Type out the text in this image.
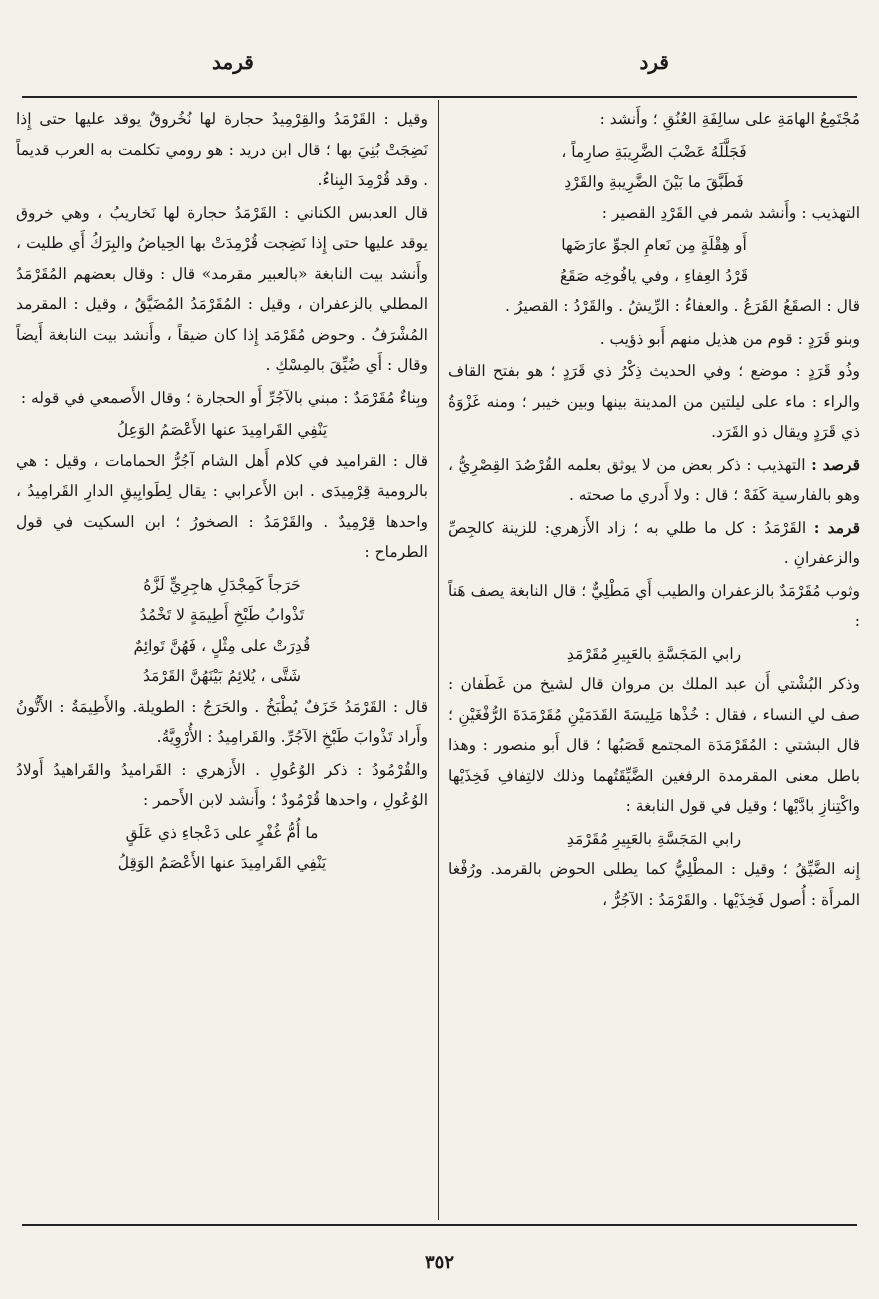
قرد
قرمد

مُجْتَمِعُ الهامَةِ على سالِفَةِ العُنُقِ ؛ وأَنشد :

فَجَلَّلَهُ عَضْبَ الضَّرِيبَةِ صارِماً ،

فَطَبَّقَ ما بَيْنَ الضَّرِيبةِ والقَرْدِ

التهذيب : وأَنشد شمر في القَرْدِ القصير :

أَو هِقْلَةٍ مِن نَعامِ الجوِّ عارَضَها

قَرْدُ العِفاءِ ، وفي يافُوخِه صَقَعُ

قال : الصقَعُ القَرَعُ . والعفاءُ : الرِّيشُ . والقَرْدُ : القصيرُ .

وبنو قَرَدٍ : قوم من هذيل منهم أَبو ذؤيب .

وذُو قَرَدٍ : موضع ؛ وفي الحديث ذِكْرُ ذي قَرَدٍ ؛ هو بفتح القاف والراء : ماء على ليلتين من المدينة بينها وبين خيبر ؛ ومنه غَزْوَةُ ذي قَرَدٍ ويقال ذو القَرَد.

قرصد : التهذيب : ذكر بعض من لا يوثق بعلمه القُرْصُدَ القِصْرِيُّ ، وهو بالفارسية كَفَهْ ؛ قال : ولا أَدري ما صحته .

قرمد : القَرْمَدُ : كل ما طلي به ؛ زاد الأَزهري: للزينة كالجِصِّ والزعفرانِ .

وثوب مُقَرْمَدٌ بالزعفران والطيب أَي مَطْلِيٌّ ؛ قال النابغة يصف هَناً :

رابي المَجَسَّةِ بالعَبِيرِ مُقَرْمَدِ

وذكر البُشْتي أَن عبد الملك بن مروان قال لشيخ من غَطَفان : صف لي النساء ، فقال : خُذْها مَلِيسَةَ القَدَمَيْنِ مُقَرْمَدَةَ الرُّفْغَيْنِ ؛ قال البشتي : المُقَرْمَدَة المجتمع قَصَبُها ؛ قال أَبو منصور : وهذا باطل معنى المقرمدة الرفغين الضَّيِّقَتُهما وذلك لالتِفافِ فَخِذَيْها واكْتِنازِ بادَّيْها ؛ وقيل في قول النابغة :

رابي المَجَسَّةِ بالعَبِيرِ مُقَرْمَدِ

إِنه الضَّيِّقُ ؛ وقيل : المطْلِيُّ كما يطلى الحوض بالقرمد. ورُفْغا المرأَة : أُصول فَخِذَيْها . والقَرْمَدُ : الآجُرُّ ،

وقيل : القَرْمَدُ والقِرْمِيدُ حجارة لها نُخُروقٌ يوقد عليها حتى إِذا نَضِجَتْ بُنِيَ بها ؛ قال ابن دريد : هو رومي تكلمت به العرب قديماً . وقد قُرْمِدَ البِناءُ.

قال العدبس الكناني : القَرْمَدُ حجارة لها نَخاريبُ ، وهي خروق يوقد عليها حتى إِذا نَضِجت قُرْمِدَتْ بها الحِياضُ والبِرَكُ أَي طليت ، وأَنشد بيت النابغة «بالعبير مقرمد» قال : وقال بعضهم المُقَرْمَدُ المطلي بالزعفران ، وقيل : المُقَرْمَدُ المُضَيَّقُ ، وقيل : المقرمد المُشْرَفُ . وحوض مُقَرْمَد إِذا كان ضيقاً ، وأَنشد بيت النابغة أَيضاً وقال : أَي ضُيِّقَ بالمِسْكِ .

وبِناءٌ مُقَرْمَدٌ : مبني بالآجُرِّ أَو الحجارة ؛ وقال الأَصمعي في قوله :

يَنْفِي القَرامِيدَ عنها الأَعْصَمُ الوَعِلُ

قال : القراميد في كلام أَهل الشام آجُرُّ الحمامات ، وقيل : هي بالرومية قِرْمِيدَى . ابن الأَعرابي : يقال لِطَوابِيقِ الدارِ القَرامِيدُ ، واحدها قِرْمِيدٌ . والقَرْمَدُ : الصخورُ ؛ ابن السكيت في قول الطرماح :

حَرَجاً كَمِجْدَلِ هاجِرِيٍّ لَزَّهُ

تَذْوابُ طَبْخِ أَطِيمَةٍ لا تَخْمُدُ

قُدِرَتْ على مِثْلٍ ، فَهُنَّ تَوائِمٌ

شَتَّى ، يُلائِمُ بَيْنَهُنَّ القَرْمَدُ

قال : القَرْمَدُ خَزَفٌ يُطْبَخُ . والحَرَجُ : الطويلة. والأَطِيمَةُ : الأَتُّونُ وأَراد تَذْوابَ طَبْخِ الآجُرِّ. والقَرامِيدُ : الأُرْوِيَّةُ.

والقُرْمُودُ : ذكر الوُعُولِ . الأَزهري : القَراميدُ والقَراهيدُ أَولادُ الوُعُولِ ، واحدها قُرْمُودٌ ؛ وأَنشد لابن الأَحمر :

ما أُمُّ غُفْرٍ على دَعْجاءِ ذي عَلَقٍ

يَنْفِي القَرامِيدَ عنها الأَعْصَمُ الوَقِلُ

٣٥٢
